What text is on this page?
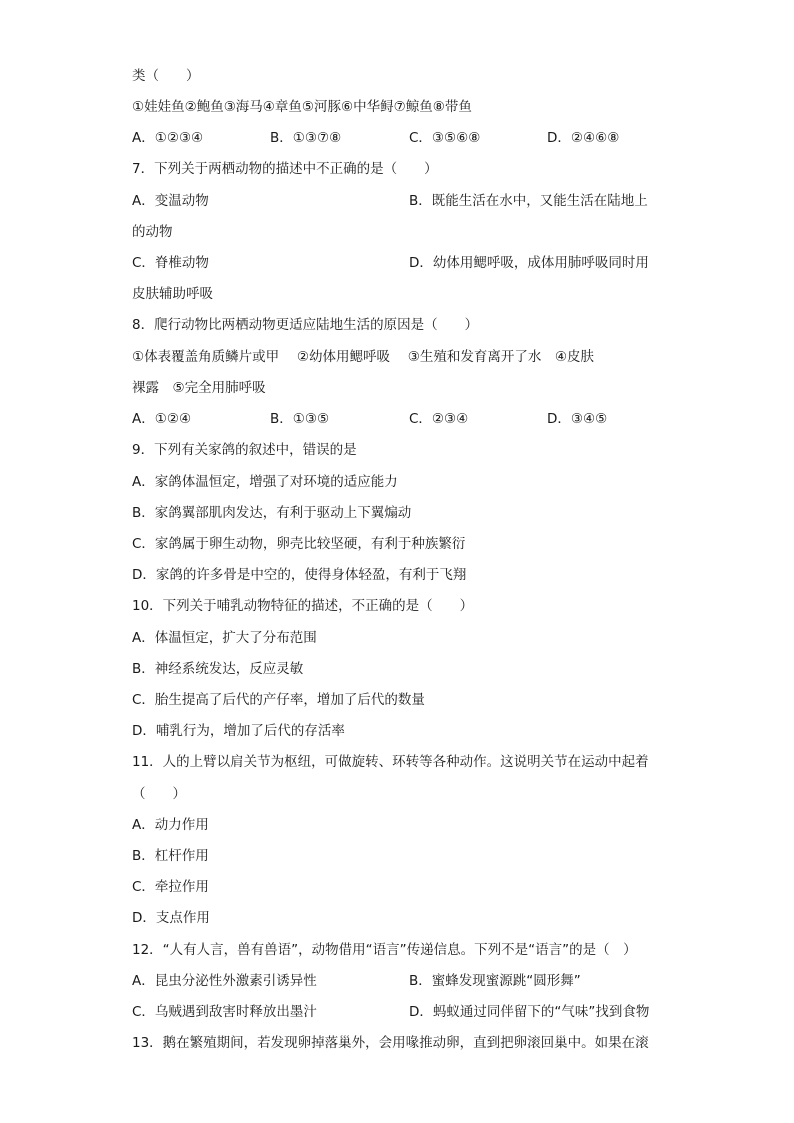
类（　　）
①娃娃鱼②鲍鱼③海马④章鱼⑤河豚⑥中华鲟⑦鲸鱼⑧带鱼
A．①②③④	B．①③⑦⑧	C．③⑤⑥⑧	D．②④⑥⑧
7．下列关于两栖动物的描述中不正确的是（　　）
A．变温动物	B．既能生活在水中，又能生活在陆地上
的动物
C．脊椎动物	D．幼体用鳃呼吸，成体用肺呼吸同时用
皮肤辅助呼吸
8．爬行动物比两栖动物更适应陆地生活的原因是（　　）
①体表覆盖角质鳞片或甲　 ②幼体用鳃呼吸　 ③生殖和发育离开了水　④皮肤
裸露　⑤完全用肺呼吸
A．①②④	B．①③⑤	C．②③④	D．③④⑤
9．下列有关家鸽的叙述中，错误的是
A．家鸽体温恒定，增强了对环境的适应能力
B．家鸽翼部肌肉发达，有利于驱动上下翼煽动
C．家鸽属于卵生动物，卵壳比较坚硬，有利于种族繁衍
D．家鸽的许多骨是中空的，使得身体轻盈，有利于飞翔
10．下列关于哺乳动物特征的描述，不正确的是（　　）
A．体温恒定，扩大了分布范围
B．神经系统发达，反应灵敏
C．胎生提高了后代的产仔率，增加了后代的数量
D．哺乳行为，增加了后代的存活率
11．人的上臂以肩关节为枢纽，可做旋转、环转等各种动作。这说明关节在运动中起着
（　　）
A．动力作用
B．杠杆作用
C．牵拉作用
D．支点作用
12．“人有人言，兽有兽语”，动物借用“语言”传递信息。下列不是“语言”的是（　）
A．昆虫分泌性外激素引诱异性	B．蜜蜂发现蜜源跳“圆形舞”
C．乌贼遇到敌害时释放出墨汁	D．蚂蚁通过同伴留下的“气味”找到食物
13．鹅在繁殖期间，若发现卵掉落巢外，会用喙推动卵，直到把卵滚回巢中。如果在滚
